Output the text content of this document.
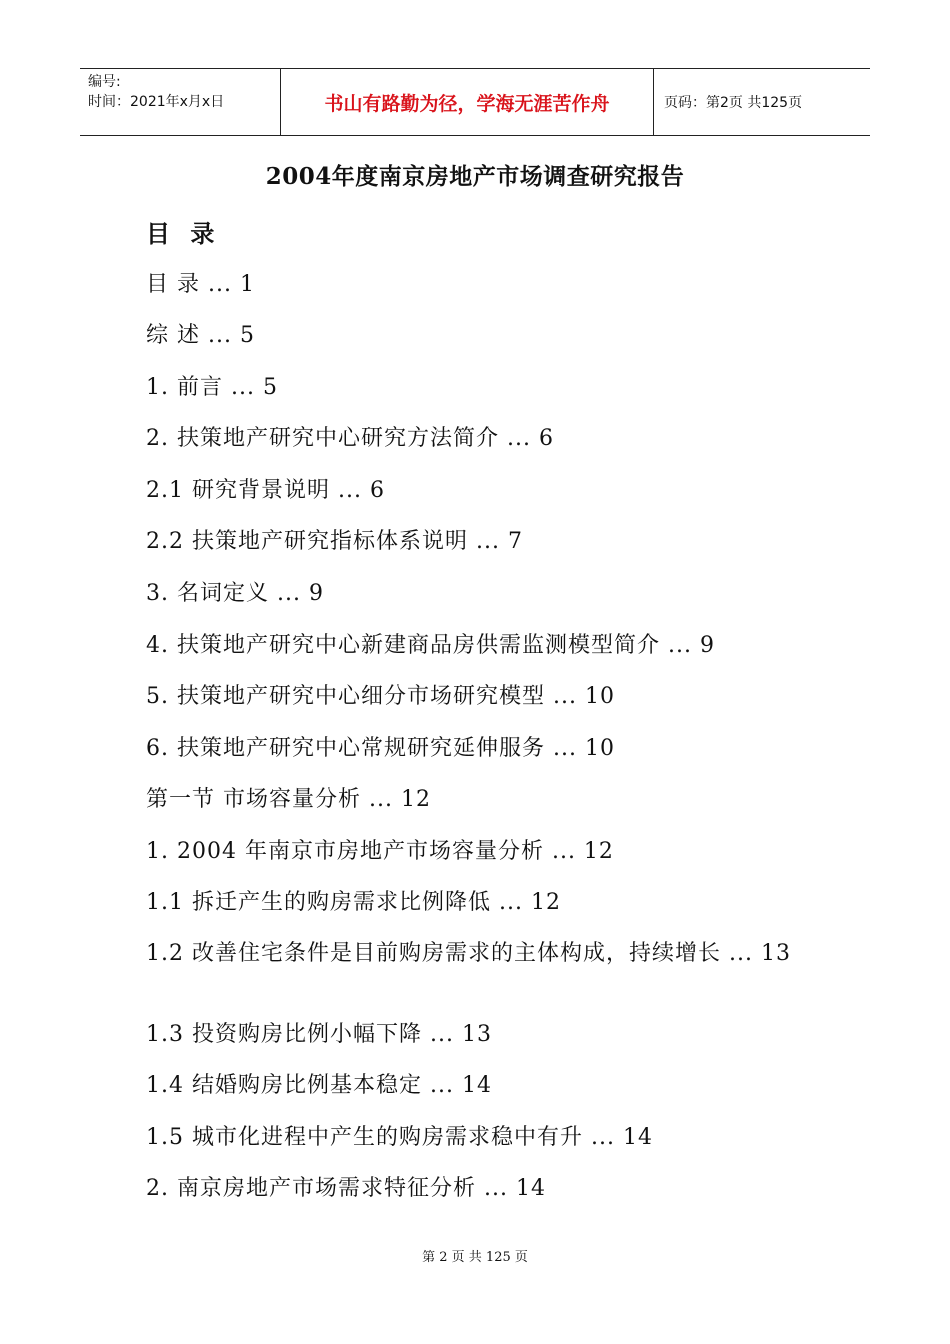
编号:
时间：2021年x月x日	书山有路勤为径，学海无涯苦作舟	页码：第2页 共125页
2004年度南京房地产市场调查研究报告
目 录
目 录 ... 1
综 述 ... 5
1. 前言 ... 5
2. 扶策地产研究中心研究方法简介 ... 6
2.1 研究背景说明 ... 6
2.2 扶策地产研究指标体系说明 ... 7
3. 名词定义 ... 9
4. 扶策地产研究中心新建商品房供需监测模型简介 ... 9
5. 扶策地产研究中心细分市场研究模型 ... 10
6. 扶策地产研究中心常规研究延伸服务 ... 10
第一节 市场容量分析 ... 12
1. 2004 年南京市房地产市场容量分析 ... 12
1.1 拆迁产生的购房需求比例降低 ... 12
1.2 改善住宅条件是目前购房需求的主体构成，持续增长 ... 13
1.3 投资购房比例小幅下降 ... 13
1.4 结婚购房比例基本稳定 ... 14
1.5 城市化进程中产生的购房需求稳中有升 ... 14
2. 南京房地产市场需求特征分析 ... 14
第 2 页 共 125 页
